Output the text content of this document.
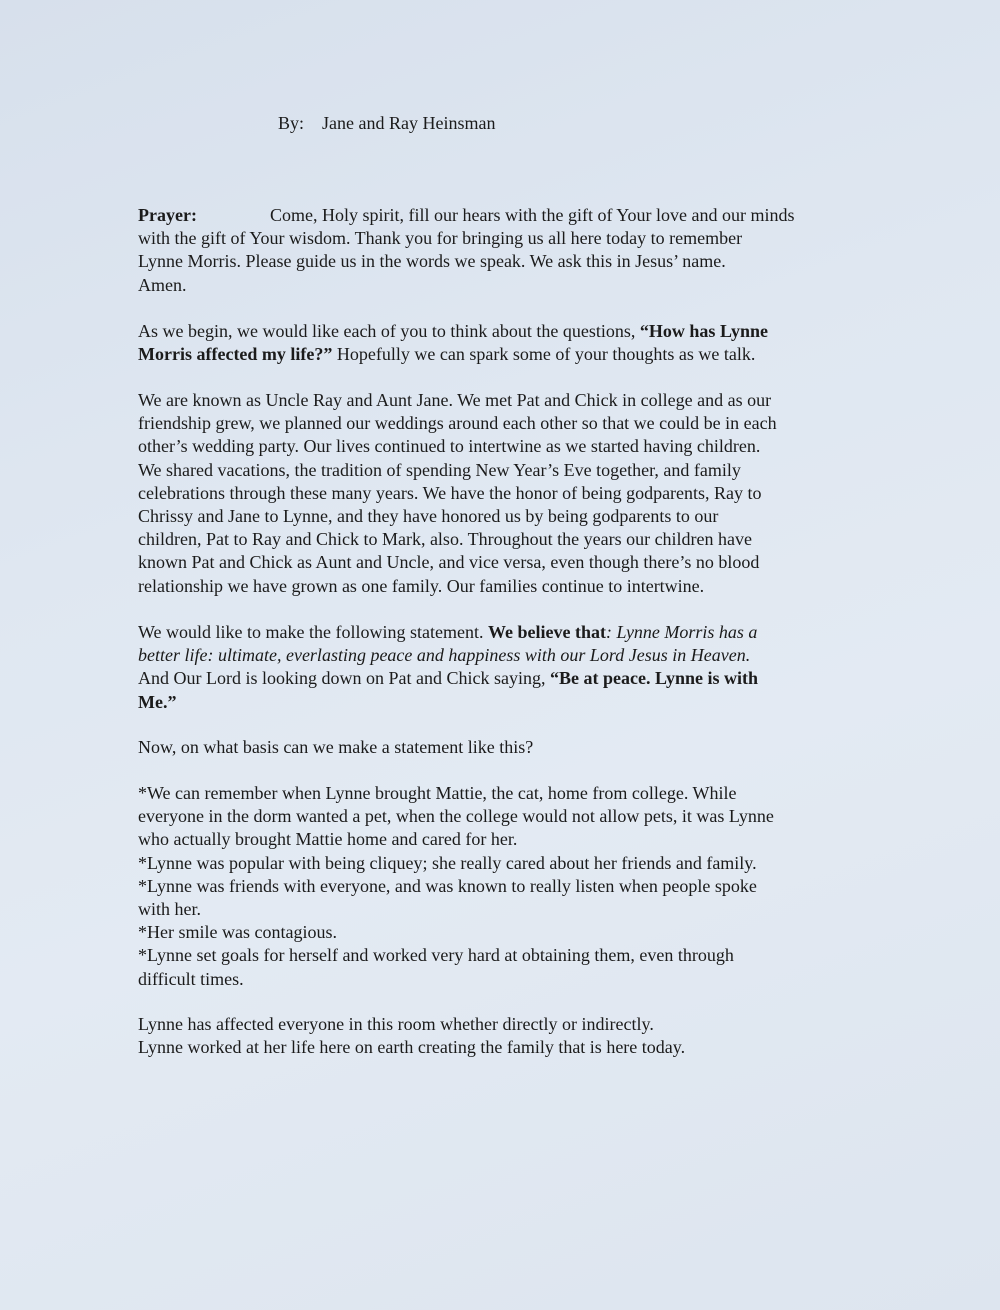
By: Jane and Ray Heinsman
Prayer:	Come, Holy spirit, fill our hears with the gift of Your love and our minds
with the gift of Your wisdom. Thank you for bringing us all here today to remember
Lynne Morris. Please guide us in the words we speak. We ask this in Jesus’ name.
Amen.
As we begin, we would like each of you to think about the questions, “How has Lynne
Morris affected my life?” Hopefully we can spark some of your thoughts as we talk.
We are known as Uncle Ray and Aunt Jane. We met Pat and Chick in college and as our
friendship grew, we planned our weddings around each other so that we could be in each
other’s wedding party. Our lives continued to intertwine as we started having children.
We shared vacations, the tradition of spending New Year’s Eve together, and family
celebrations through these many years. We have the honor of being godparents, Ray to
Chrissy and Jane to Lynne, and they have honored us by being godparents to our
children, Pat to Ray and Chick to Mark, also. Throughout the years our children have
known Pat and Chick as Aunt and Uncle, and vice versa, even though there’s no blood
relationship we have grown as one family. Our families continue to intertwine.
We would like to make the following statement. We believe that: Lynne Morris has a
better life: ultimate, everlasting peace and happiness with our Lord Jesus in Heaven.
And Our Lord is looking down on Pat and Chick saying, “Be at peace. Lynne is with
Me.”
Now, on what basis can we make a statement like this?
*We can remember when Lynne brought Mattie, the cat, home from college. While
everyone in the dorm wanted a pet, when the college would not allow pets, it was Lynne
who actually brought Mattie home and cared for her.
*Lynne was popular with being cliquey; she really cared about her friends and family.
*Lynne was friends with everyone, and was known to really listen when people spoke
with her.
*Her smile was contagious.
*Lynne set goals for herself and worked very hard at obtaining them, even through
difficult times.
Lynne has affected everyone in this room whether directly or indirectly.
Lynne worked at her life here on earth creating the family that is here today.
